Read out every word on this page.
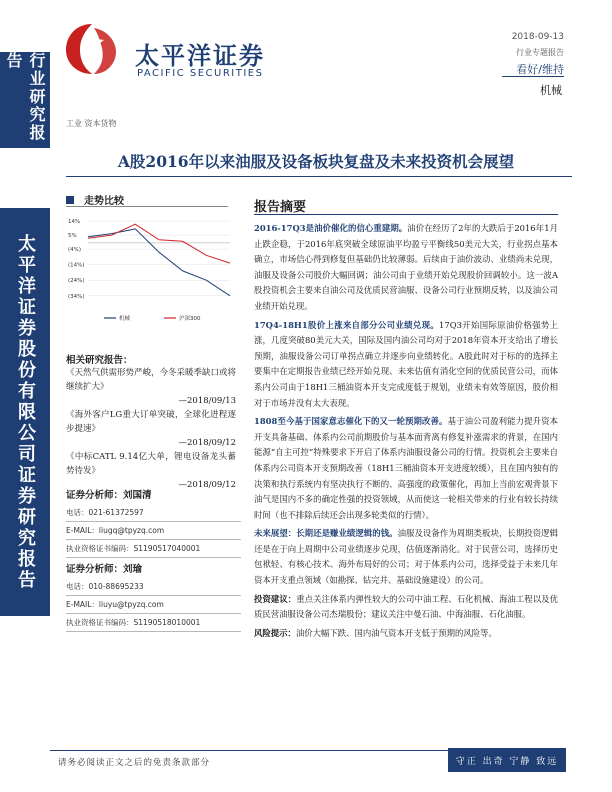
行业研究报告
太平洋证券股份有限公司证券研究报告
太平洋证券
PACIFIC SECURITIES
2018-09-13
行业专题报告
看好/维持
机械
工业 资本货物
A股2016年以来油服及设备板块复盘及未来投资机会展望
走势比较
14%
5%
(4%)
(14%)
(24%)
(34%)
机械	沪深300
相关研究报告：
《天然气供需形势严峻，今冬采暖季缺口或将继续扩大》
—2018/09/13
《海外客户LG重大订单突破，全球化进程逐步提速》
—2018/09/12
《中标CATL 9.14亿大单，锂电设备龙头蓄势待发》
—2018/09/12
证券分析师：刘国清
电话：021-61372597
E-MAIL：liugq@tpyzq.com
执业资格证书编码：S1190517040001
证券分析师：刘瑜
电话：010-88695233
E-MAIL：liuyu@tpyzq.com
执业资格证书编码：S1190518010001
报告摘要
2016-17Q3是油价催化的信心重建期。油价在经历了2年的大跌后于2016年1月止跌企稳，于2016年底突破全球原油平均盈亏平衡线50美元大关，行业拐点基本确立，市场信心得到修复但基础仍比较薄弱。后续由于油价波动、业绩尚未兑现，油服及设备公司股价大幅回调；油公司由于业绩开始兑现股价回调较小。这一波A股投资机会主要来自油公司及优质民营油服、设备公司行业预期反转，以及油公司业绩开始兑现。
17Q4-18H1股价上涨来自部分公司业绩兑现。17Q3开始国际原油价格强势上涨，几度突破80美元大关，国际及国内油公司均对于2018年资本开支给出了增长预期，油服设备公司订单拐点确立并逐步向业绩转化。A股此时对于标的的选择主要集中在定期报告业绩已经开始兑现、未来估值有消化空间的优质民营公司，而体系内公司由于18H1三桶油资本开支完成度低于规划，业绩未有效等原因，股价相对于市场并没有太大表现。
1808至今基于国家意志催化下的又一轮预期改善。基于油公司盈利能力提升资本开支具备基础、体系内公司前期股价与基本面背离有修复补涨需求的背景，在国内能源“自主可控”特殊要求下开启了体系内油服设备公司的行情。投资机会主要来自体系内公司资本开支预期改善（18H1三桶油资本开支进度较缓），且在国内独有的决策和执行系统内有坚决执行不断的、高强度的政策催化，再加上当前宏观背景下油气是国内不多的确定性强的投资领域，从而使这一轮相关带来的行业有较长持续时间（也不排除后续还会出现多轮类似的行情）。
未来展望：长期还是赚业绩逻辑的钱。油服及设备作为周期类板块，长期投资逻辑还是在于向上周期中公司业绩逐步兑现，估值逐渐消化。对于民营公司，选择历史包袱轻、有核心技术、海外布局好的公司；对于体系内公司，选择受益于未来几年资本开支重点领域（如勘探、钻完井、基础设施建设）的公司。
投资建议：重点关注体系内弹性较大的公司中油工程、石化机械、海油工程以及优质民营油服设备公司杰瑞股份；建议关注中曼石油、中海油服、石化油服。
风险提示：油价大幅下跌、国内油气资本开支低于预期的风险等。
请务必阅读正文之后的免责条款部分	守正 出奇 宁静 致远
